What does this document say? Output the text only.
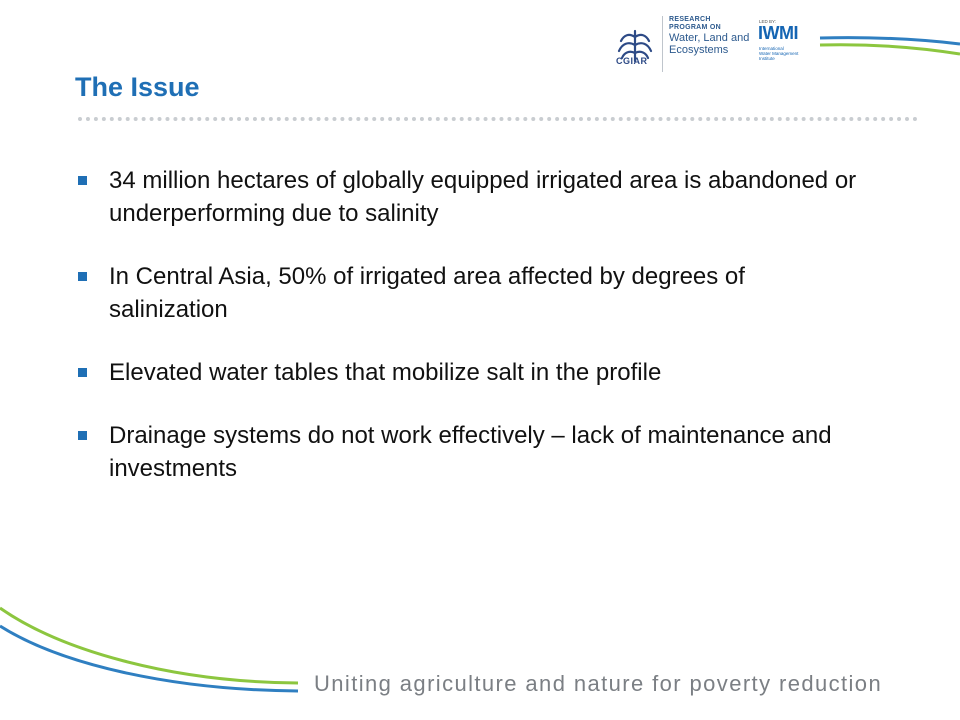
CGIAR
RESEARCH
PROGRAM ON
Water, Land and
Ecosystems
LED BY:
IWMI
International
Water Management
Institute
The Issue
34 million hectares of globally equipped irrigated area is abandoned or underperforming due to salinity
In Central Asia, 50% of irrigated area affected by degrees of salinization
Elevated water tables that mobilize salt in the profile
Drainage systems do not work effectively – lack of maintenance and investments
Uniting agriculture and nature for poverty reduction
